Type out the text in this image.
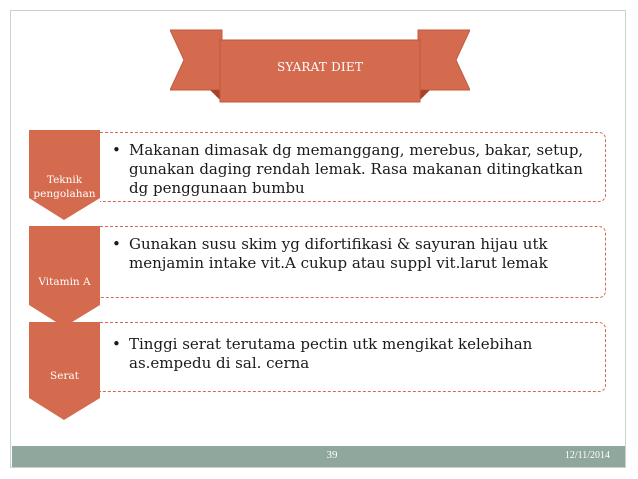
SYARAT DIET
Teknik
pengolahan
Vitamin A
Serat
• Makanan dimasak dg memanggang, merebus, bakar, setup, gunakan daging rendah lemak. Rasa makanan ditingkatkan dg penggunaan bumbu
• Gunakan susu skim yg difortifikasi & sayuran hijau utk menjamin intake vit.A cukup atau suppl vit.larut lemak
• Tinggi serat terutama pectin utk mengikat kelebihan as.empedu di sal. cerna
39	12/11/2014
